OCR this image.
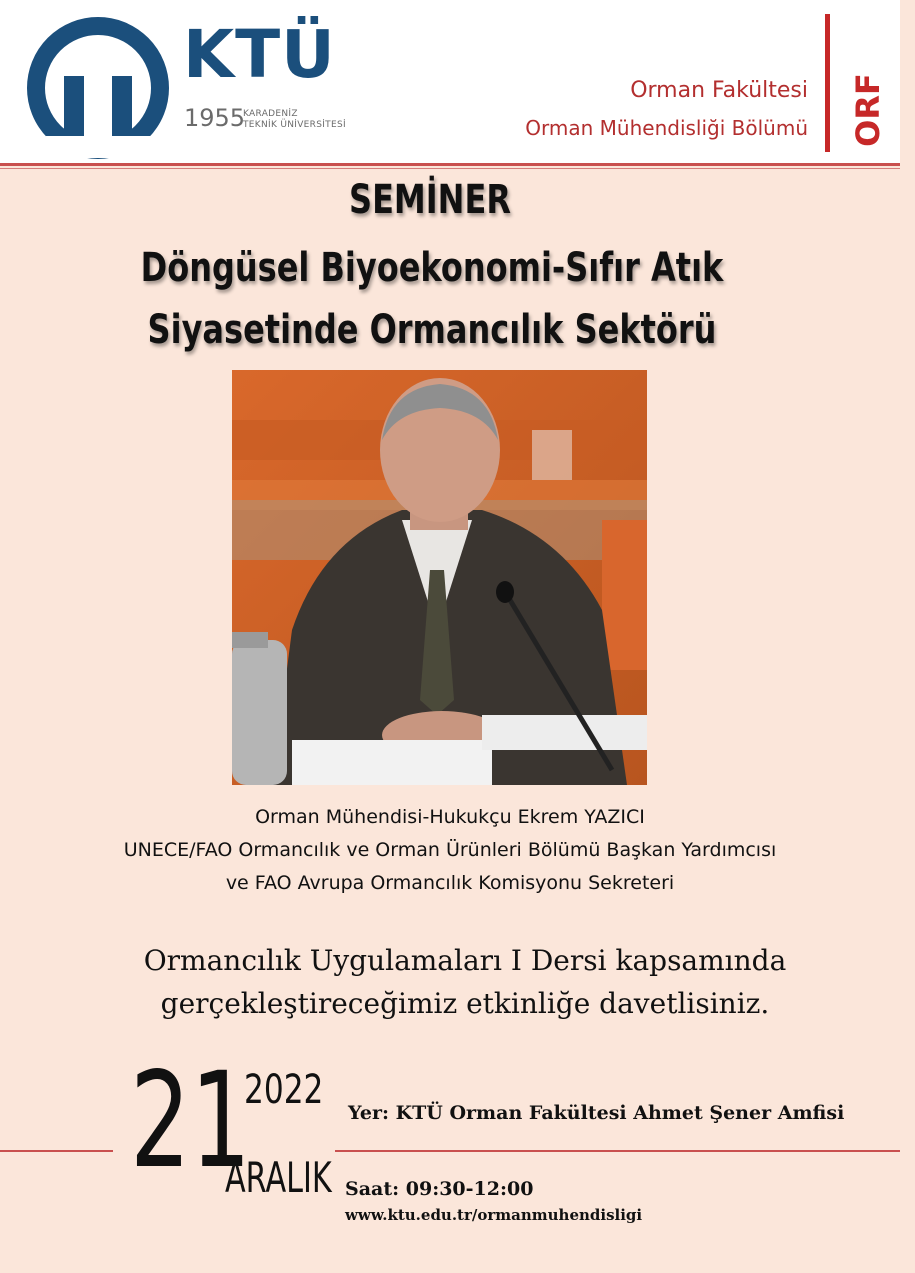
KTÜ
1955
KARADENİZ
TEKNİK ÜNİVERSİTESİ
Orman Fakültesi
Orman Mühendisliği Bölümü ORF
SEMİNER
Döngüsel Biyoekonomi-Sıfır Atık
Siyasetinde Ormancılık Sektörü
Orman Mühendisi-Hukukçu Ekrem YAZICI
UNECE/FAO Ormancılık ve Orman Ürünleri Bölümü Başkan Yardımcısı
ve FAO Avrupa Ormancılık Komisyonu Sekreteri
Ormancılık Uygulamaları I Dersi kapsamında
gerçekleştireceğimiz etkinliğe davetlisiniz.
21
2022
ARALIK
Yer: KTÜ Orman Fakültesi Ahmet Şener Amfisi
Saat: 09:30-12:00
www.ktu.edu.tr/ormanmuhendisligi
